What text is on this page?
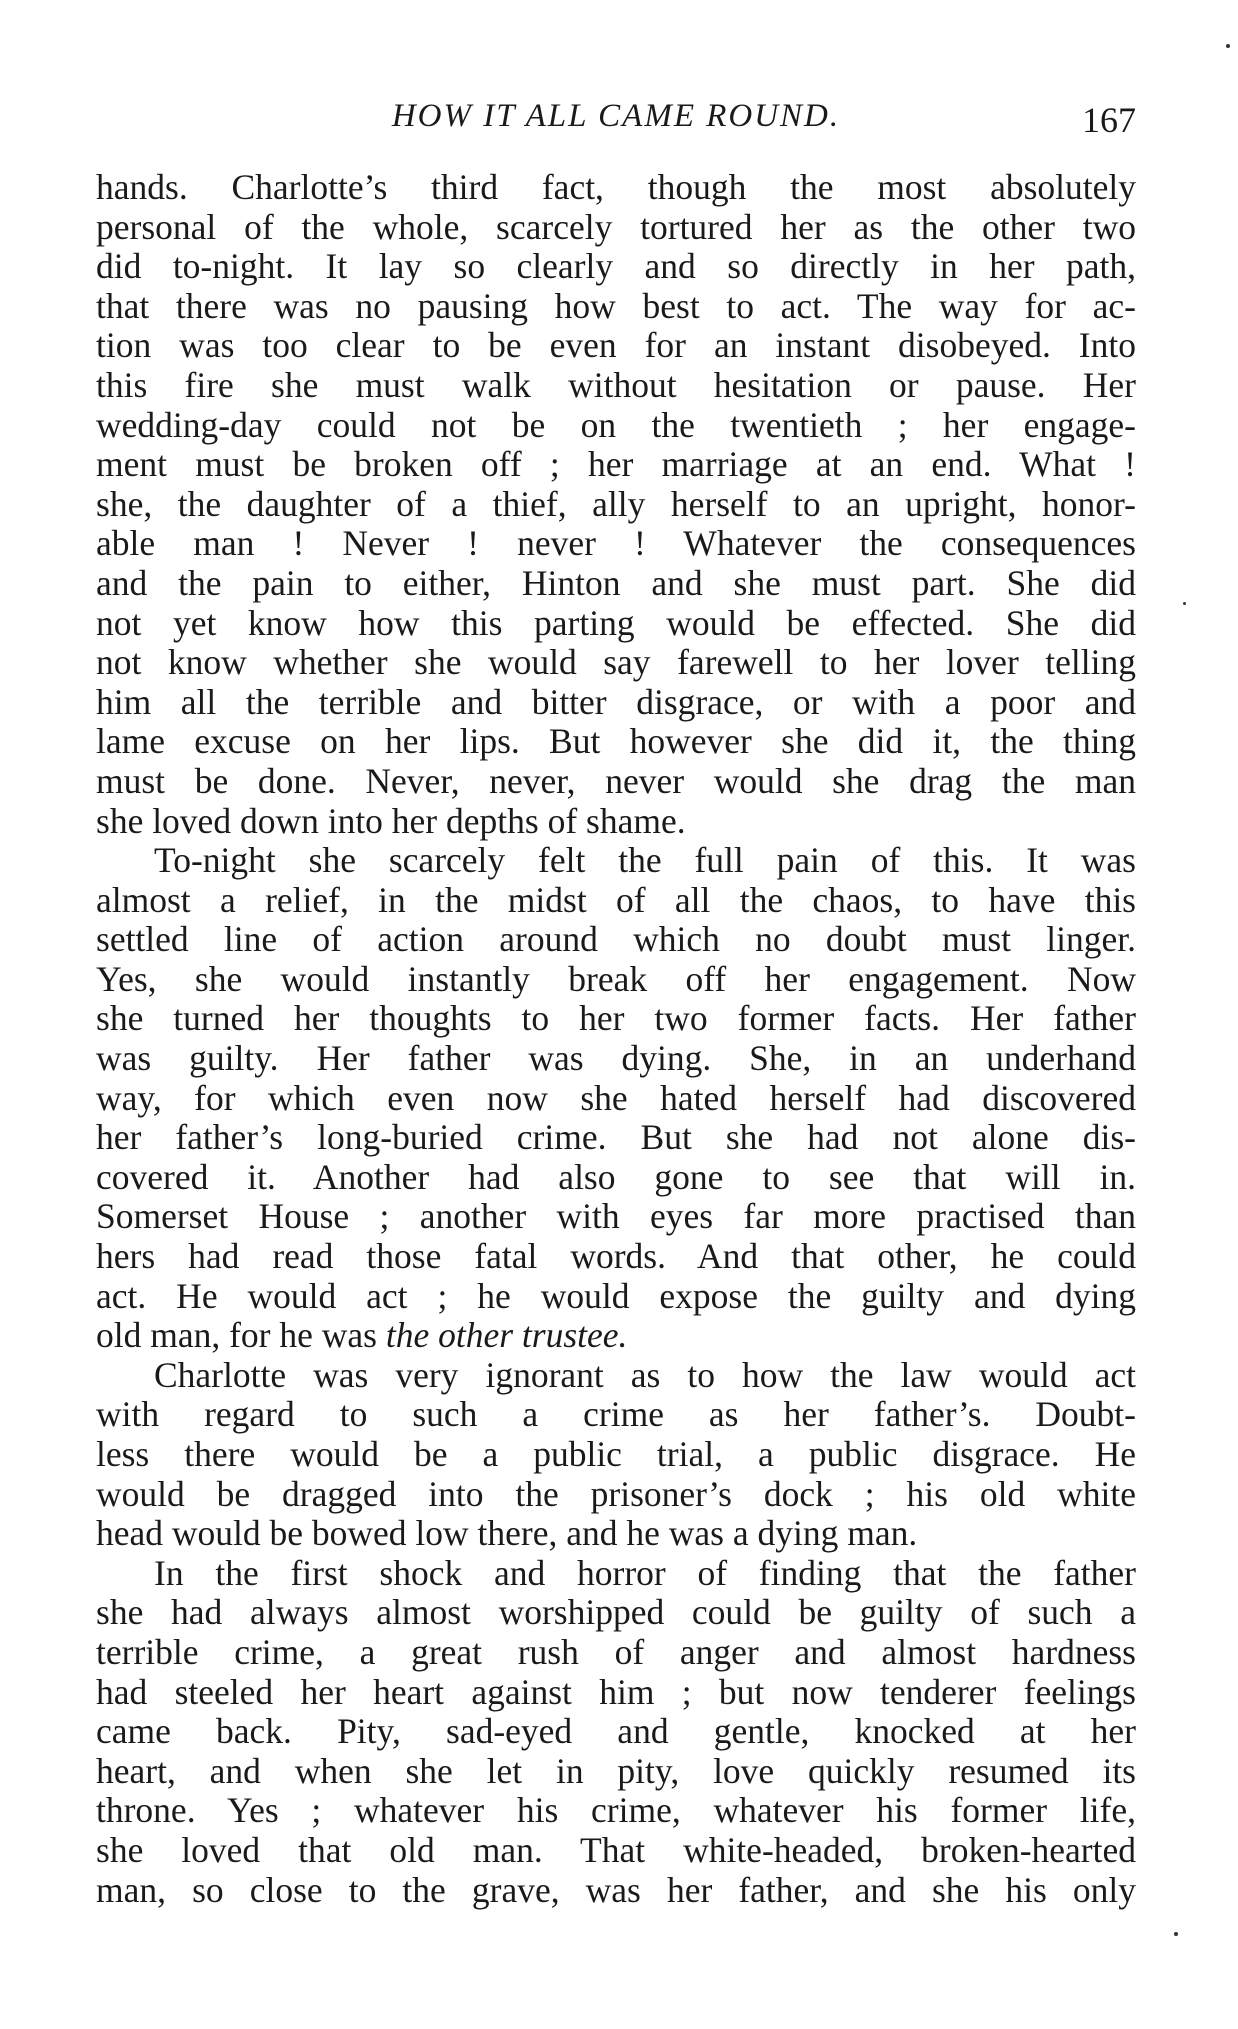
HOW IT ALL CAME ROUND.	167

hands. Charlotte’s third fact, though the most absolutely
personal of the whole, scarcely tortured her as the other two
did to-night. It lay so clearly and so directly in her path,
that there was no pausing how best to act. The way for ac-
tion was too clear to be even for an instant disobeyed. Into
this fire she must walk without hesitation or pause. Her
wedding-day could not be on the twentieth ; her engage-
ment must be broken off ; her marriage at an end. What !
she, the daughter of a thief, ally herself to an upright, honor-
able man ! Never ! never ! Whatever the consequences
and the pain to either, Hinton and she must part. She did
not yet know how this parting would be effected. She did
not know whether she would say farewell to her lover telling
him all the terrible and bitter disgrace, or with a poor and
lame excuse on her lips. But however she did it, the thing
must be done. Never, never, never would she drag the man
she loved down into her depths of shame.

To-night she scarcely felt the full pain of this. It was
almost a relief, in the midst of all the chaos, to have this
settled line of action around which no doubt must linger.
Yes, she would instantly break off her engagement. Now
she turned her thoughts to her two former facts. Her father
was guilty. Her father was dying. She, in an underhand
way, for which even now she hated herself had discovered
her father’s long-buried crime. But she had not alone dis-
covered it. Another had also gone to see that will in.
Somerset House ; another with eyes far more practised than
hers had read those fatal words. And that other, he could
act. He would act ; he would expose the guilty and dying
old man, for he was the other trustee.

Charlotte was very ignorant as to how the law would act
with regard to such a crime as her father’s. Doubt-
less there would be a public trial, a public disgrace. He
would be dragged into the prisoner’s dock ; his old white
head would be bowed low there, and he was a dying man.

In the first shock and horror of finding that the father
she had always almost worshipped could be guilty of such a
terrible crime, a great rush of anger and almost hardness
had steeled her heart against him ; but now tenderer feelings
came back. Pity, sad-eyed and gentle, knocked at her
heart, and when she let in pity, love quickly resumed its
throne. Yes ; whatever his crime, whatever his former life,
she loved that old man. That white-headed, broken-hearted
man, so close to the grave, was her father, and she his only
